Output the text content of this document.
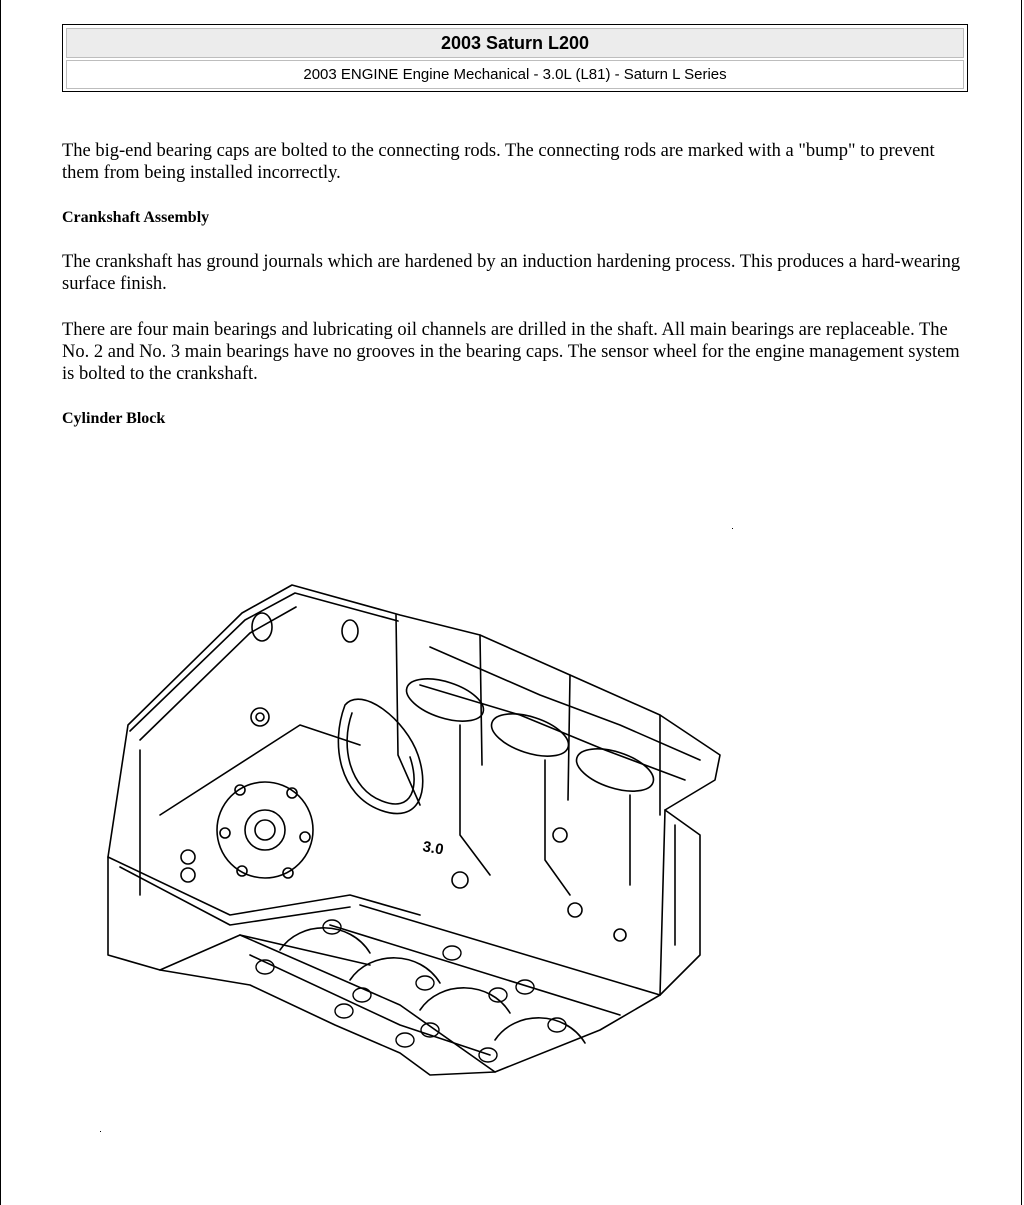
2003 Saturn L200
2003 ENGINE Engine Mechanical - 3.0L (L81) - Saturn L Series

The big-end bearing caps are bolted to the connecting rods. The connecting rods are marked with a "bump" to prevent them from being installed incorrectly.

Crankshaft Assembly

The crankshaft has ground journals which are hardened by an induction hardening process. This produces a hard-wearing surface finish.

There are four main bearings and lubricating oil channels are drilled in the shaft. All main bearings are replaceable. The No. 2 and No. 3 main bearings have no grooves in the bearing caps. The sensor wheel for the engine management system is bolted to the crankshaft.

Cylinder Block
3.0
